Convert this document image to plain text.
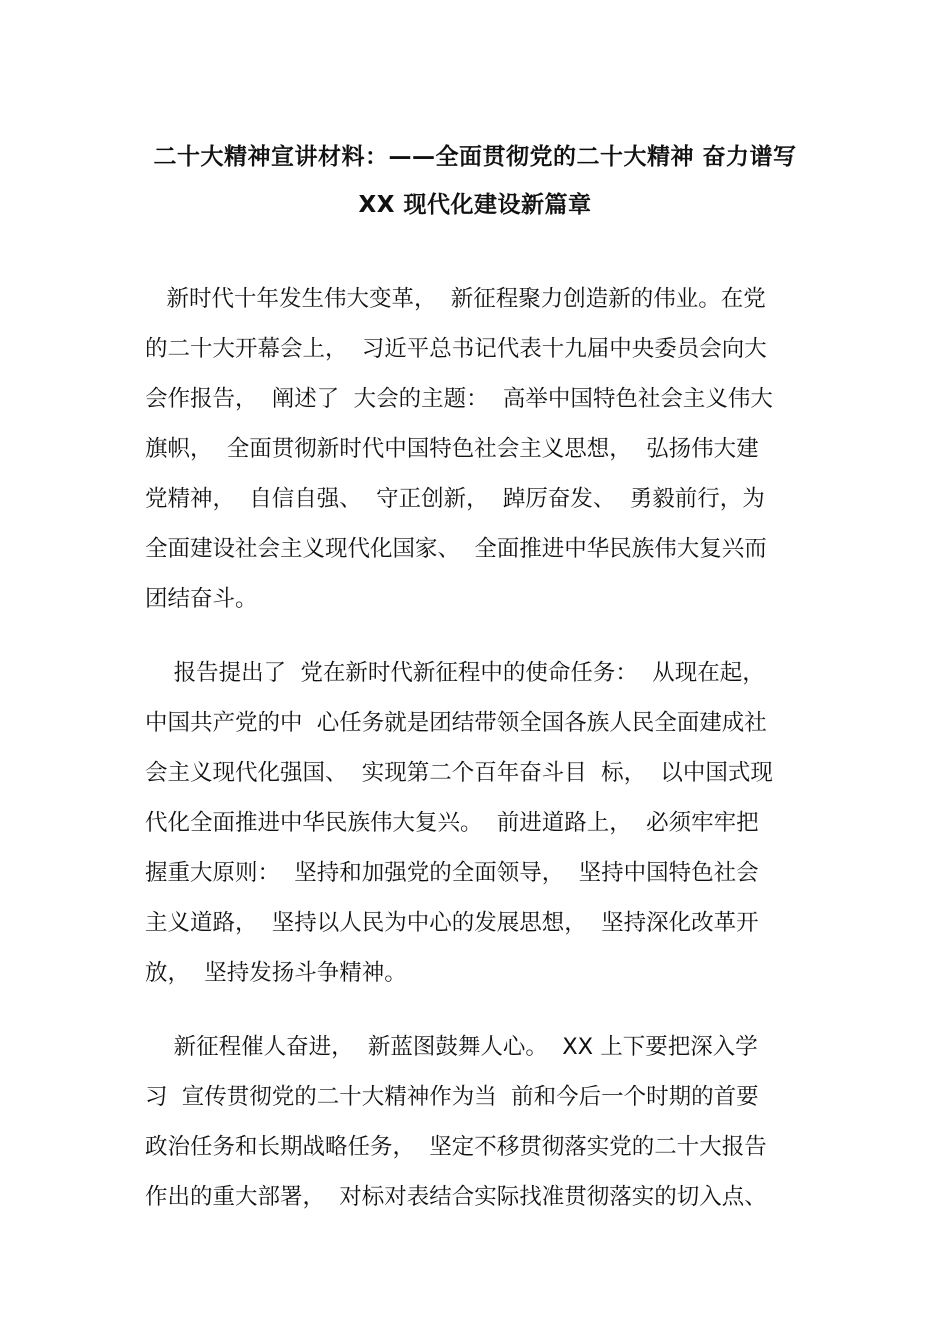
二十大精神宣讲材料：——全面贯彻党的二十大精神 奋力谱写
XX 现代化建设新篇章
新时代十年发生伟大变革，  新征程聚力创造新的伟业。在党
的二十大开幕会上，  习近平总书记代表十九届中央委员会向大
会作报告，  阐述了  大会的主题：  高举中国特色社会主义伟大
旗帜，  全面贯彻新时代中国特色社会主义思想，  弘扬伟大建
党精神，  自信自强、  守正创新，  踔厉奋发、  勇毅前行，为
全面建设社会主义现代化国家、  全面推进中华民族伟大复兴而
团结奋斗。
报告提出了  党在新时代新征程中的使命任务：  从现在起，
中国共产党的中  心任务就是团结带领全国各族人民全面建成社
会主义现代化强国、  实现第二个百年奋斗目  标，  以中国式现
代化全面推进中华民族伟大复兴。  前进道路上，  必须牢牢把
握重大原则：  坚持和加强党的全面领导，  坚持中国特色社会
主义道路，  坚持以人民为中心的发展思想，  坚持深化改革开
放，  坚持发扬斗争精神。
新征程催人奋进，  新蓝图鼓舞人心。  XX 上下要把深入学
习  宣传贯彻党的二十大精神作为当  前和今后一个时期的首要
政治任务和长期战略任务，  坚定不移贯彻落实党的二十大报告
作出的重大部署，  对标对表结合实际找准贯彻落实的切入点、
